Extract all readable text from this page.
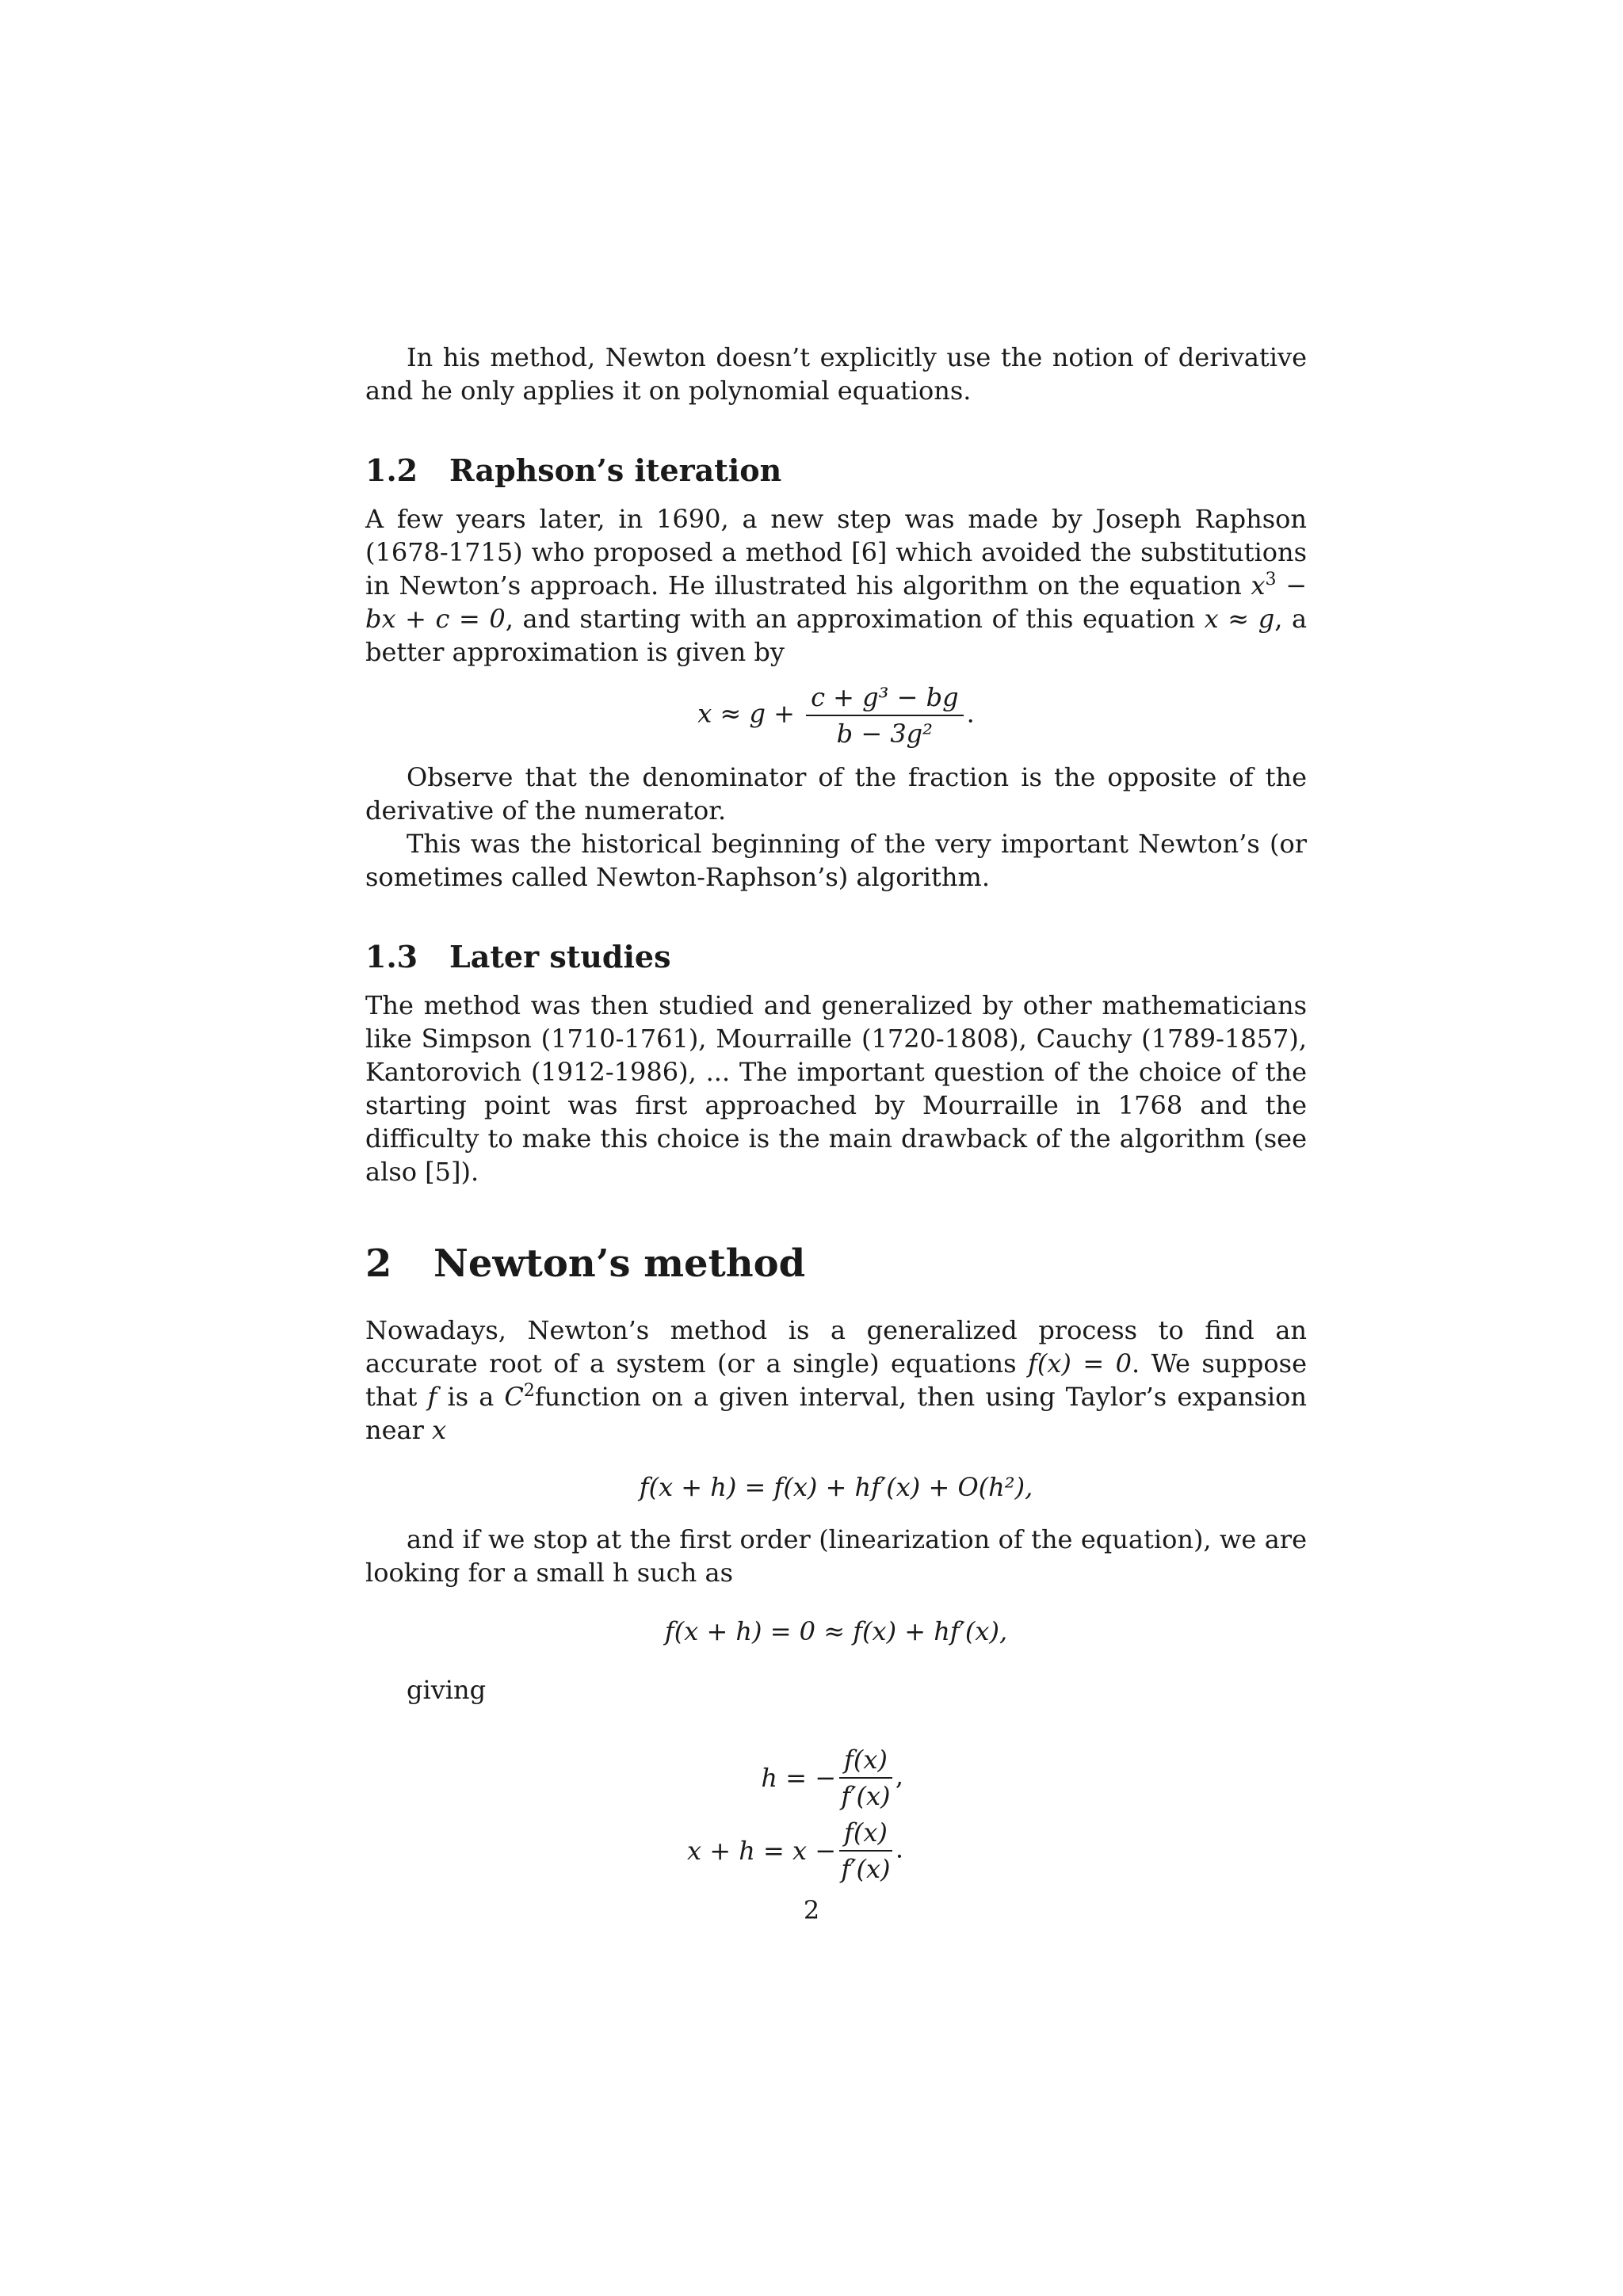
In his method, Newton doesn’t explicitly use the notion of derivative and he only applies it on polynomial equations.

1.2 Raphson’s iteration

A few years later, in 1690, a new step was made by Joseph Raphson (1678-1715) who proposed a method [6] which avoided the substitutions in Newton’s approach. He illustrated his algorithm on the equation $x^3$ − bx + c = 0, and starting with an approximation of this equation x ≈ g, a better approximation is given by

$x \approx g + \frac{\text{c + g³ − bg}}{\text{b − 3g²}}$ .

Observe that the denominator of the fraction is the opposite of the derivative of the numerator.

This was the historical beginning of the very important Newton’s (or sometimes called Newton-Raphson’s) algorithm.

1.3 Later studies

The method was then studied and generalized by other mathematicians like Simpson (1710-1761), Mourraille (1720-1808), Cauchy (1789-1857), Kantorovich (1912-1986), ... The important question of the choice of the starting point was first approached by Mourraille in 1768 and the difficulty to make this choice is the main drawback of the algorithm (see also [5]).

2 Newton’s method

Nowadays, Newton’s method is a generalized process to find an accurate root of a system (or a single) equations f(x) = 0. We suppose that f is a $C^2function$ on a given interval, then using Taylor’s expansion near x

f(x + h) = f(x) + hf′(x) + O(h²),

and if we stop at the first order (linearization of the equation), we are looking for a small h such as

f(x + h) = 0 ≈ f(x) + hf′(x),

giving

h = − $\frac{f(x)}{f'(x)}$ ,
$x + h = x - \frac{f(x)}{f'(x)}$ .
2
